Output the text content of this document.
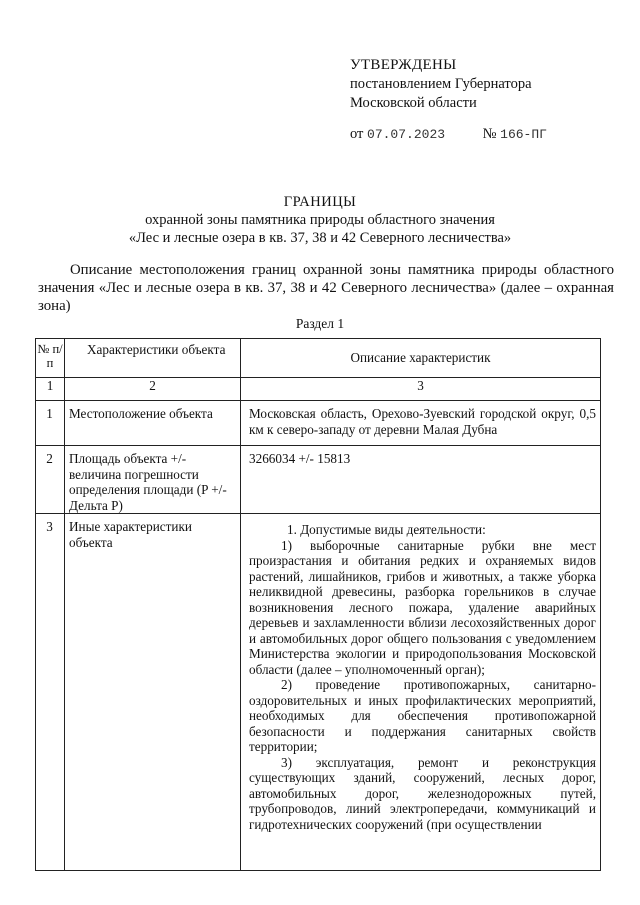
УТВЕРЖДЕНЫ
постановлением Губернатора
Московской области
от 07.07.2023	№ 166-ПГ
ГРАНИЦЫ
охранной зоны памятника природы областного значения
«Лес и лесные озера в кв. 37, 38 и 42 Северного лесничества»

Описание местоположения границ охранной зоны памятника природы областного значения «Лес и лесные озера в кв. 37, 38 и 42 Северного лесничества» (далее – охранная зона)

Раздел 1
№ п/п	Характеристики объекта	Описание характеристик
1	2	3

1	Местоположение объекта	Московская область, Орехово-Зуевский городской округ, 0,5 км к северо-западу от деревни Малая Дубна

2	Площадь объекта +/- величина погрешности определения площади (P +/- Дельта P)	3266034 +/- 15813

3	Иные характеристики объекта	1. Допустимые виды деятельности:

1) выборочные санитарные рубки вне мест произрастания и обитания редких и охраняемых видов растений, лишайников, грибов и животных, а также уборка неликвидной древесины, разборка горельников в случае возникновения лесного пожара, удаление аварийных деревьев и захламленности вблизи лесохозяйственных дорог и автомобильных дорог общего пользования с уведомлением Министерства экологии и природопользования Московской области (далее – уполномоченный орган);

2) проведение противопожарных, санитарно-оздоровительных и иных профилактических мероприятий, необходимых для обеспечения противопожарной безопасности и поддержания санитарных свойств территории;

3) эксплуатация, ремонт и реконструкция существующих зданий, сооружений, лесных дорог, автомобильных дорог, железнодорожных путей, трубопроводов, линий электропередачи, коммуникаций и гидротехнических сооружений (при осуществлении
